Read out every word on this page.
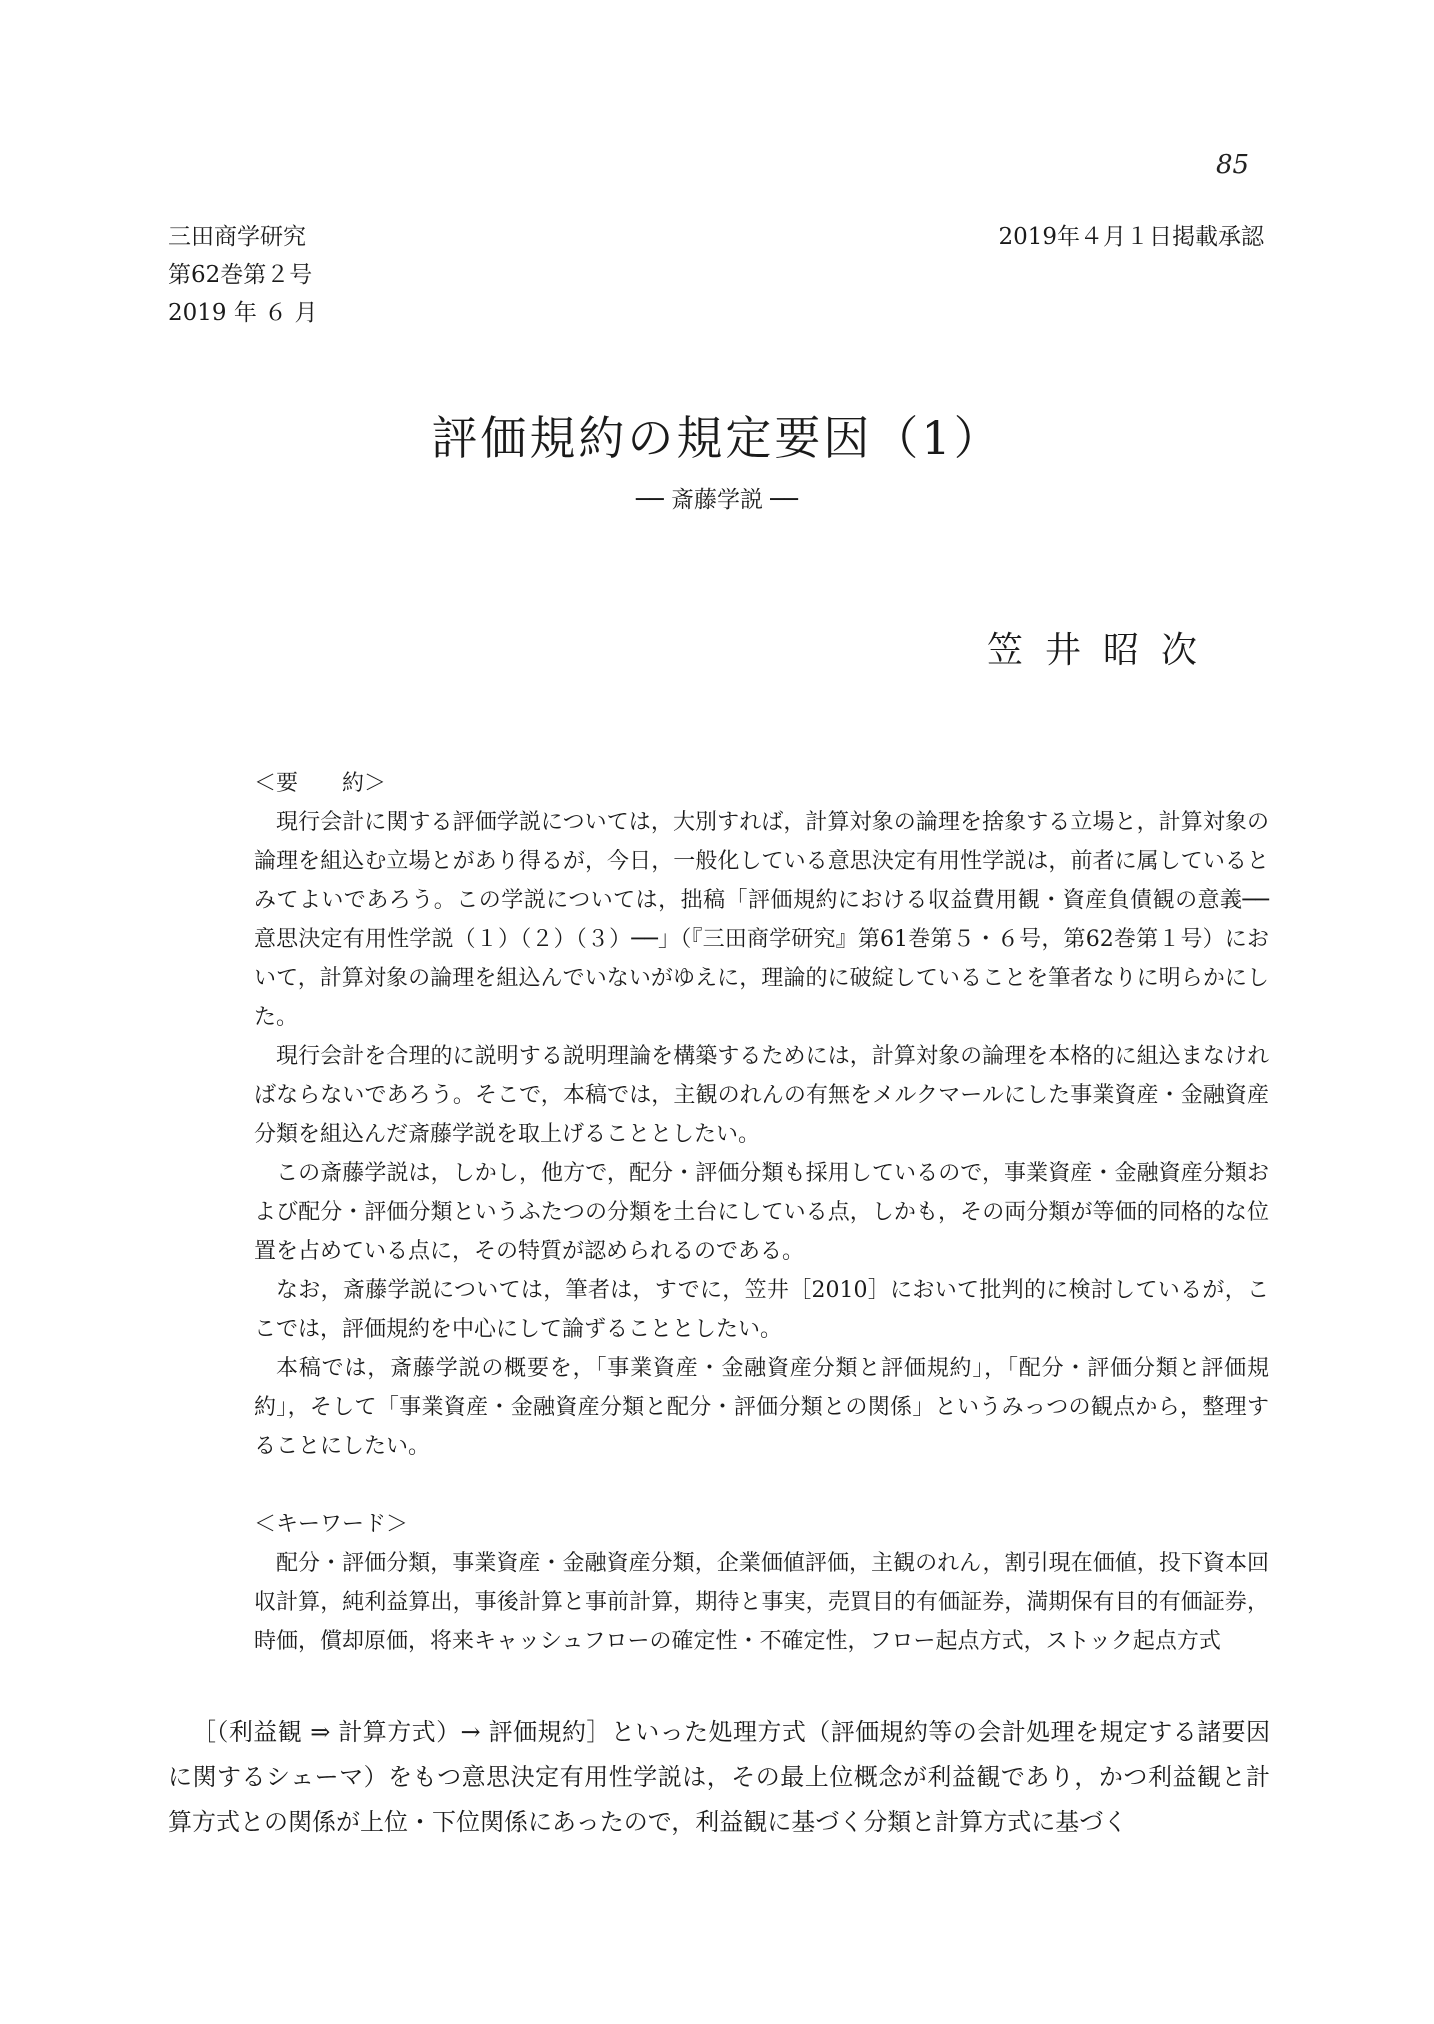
85
三田商学研究
第62巻第２号
2019 年 ６ 月
2019年４月１日掲載承認
評価規約の規定要因（1）
── 斎藤学説 ──
笠井昭次
＜要　　約＞
現行会計に関する評価学説については，大別すれば，計算対象の論理を捨象する立場と，計算対象の論理を組込む立場とがあり得るが，今日，一般化している意思決定有用性学説は，前者に属しているとみてよいであろう。この学説については，拙稿「評価規約における収益費用観・資産負債観の意義──意思決定有用性学説（１）（２）（３）──」（『三田商学研究』第61巻第５・６号，第62巻第１号）において，計算対象の論理を組込んでいないがゆえに，理論的に破綻していることを筆者なりに明らかにした。
現行会計を合理的に説明する説明理論を構築するためには，計算対象の論理を本格的に組込まなければならないであろう。そこで，本稿では，主観のれんの有無をメルクマールにした事業資産・金融資産分類を組込んだ斎藤学説を取上げることとしたい。
この斎藤学説は，しかし，他方で，配分・評価分類も採用しているので，事業資産・金融資産分類および配分・評価分類というふたつの分類を土台にしている点，しかも，その両分類が等価的同格的な位置を占めている点に，その特質が認められるのである。
なお，斎藤学説については，筆者は，すでに，笠井［2010］において批判的に検討しているが，ここでは，評価規約を中心にして論ずることとしたい。
本稿では，斎藤学説の概要を，「事業資産・金融資産分類と評価規約」，「配分・評価分類と評価規約」，そして「事業資産・金融資産分類と配分・評価分類との関係」というみっつの観点から，整理することにしたい。
＜キーワード＞
配分・評価分類，事業資産・金融資産分類，企業価値評価，主観のれん，割引現在価値，投下資本回収計算，純利益算出，事後計算と事前計算，期待と事実，売買目的有価証券，満期保有目的有価証券，時価，償却原価，将来キャッシュフローの確定性・不確定性，フロー起点方式，ストック起点方式

［（利益観 ⇒ 計算方式）→ 評価規約］といった処理方式（評価規約等の会計処理を規定する諸要因に関するシェーマ）をもつ意思決定有用性学説は，その最上位概念が利益観であり，かつ利益観と計算方式との関係が上位・下位関係にあったので，利益観に基づく分類と計算方式に基づく
